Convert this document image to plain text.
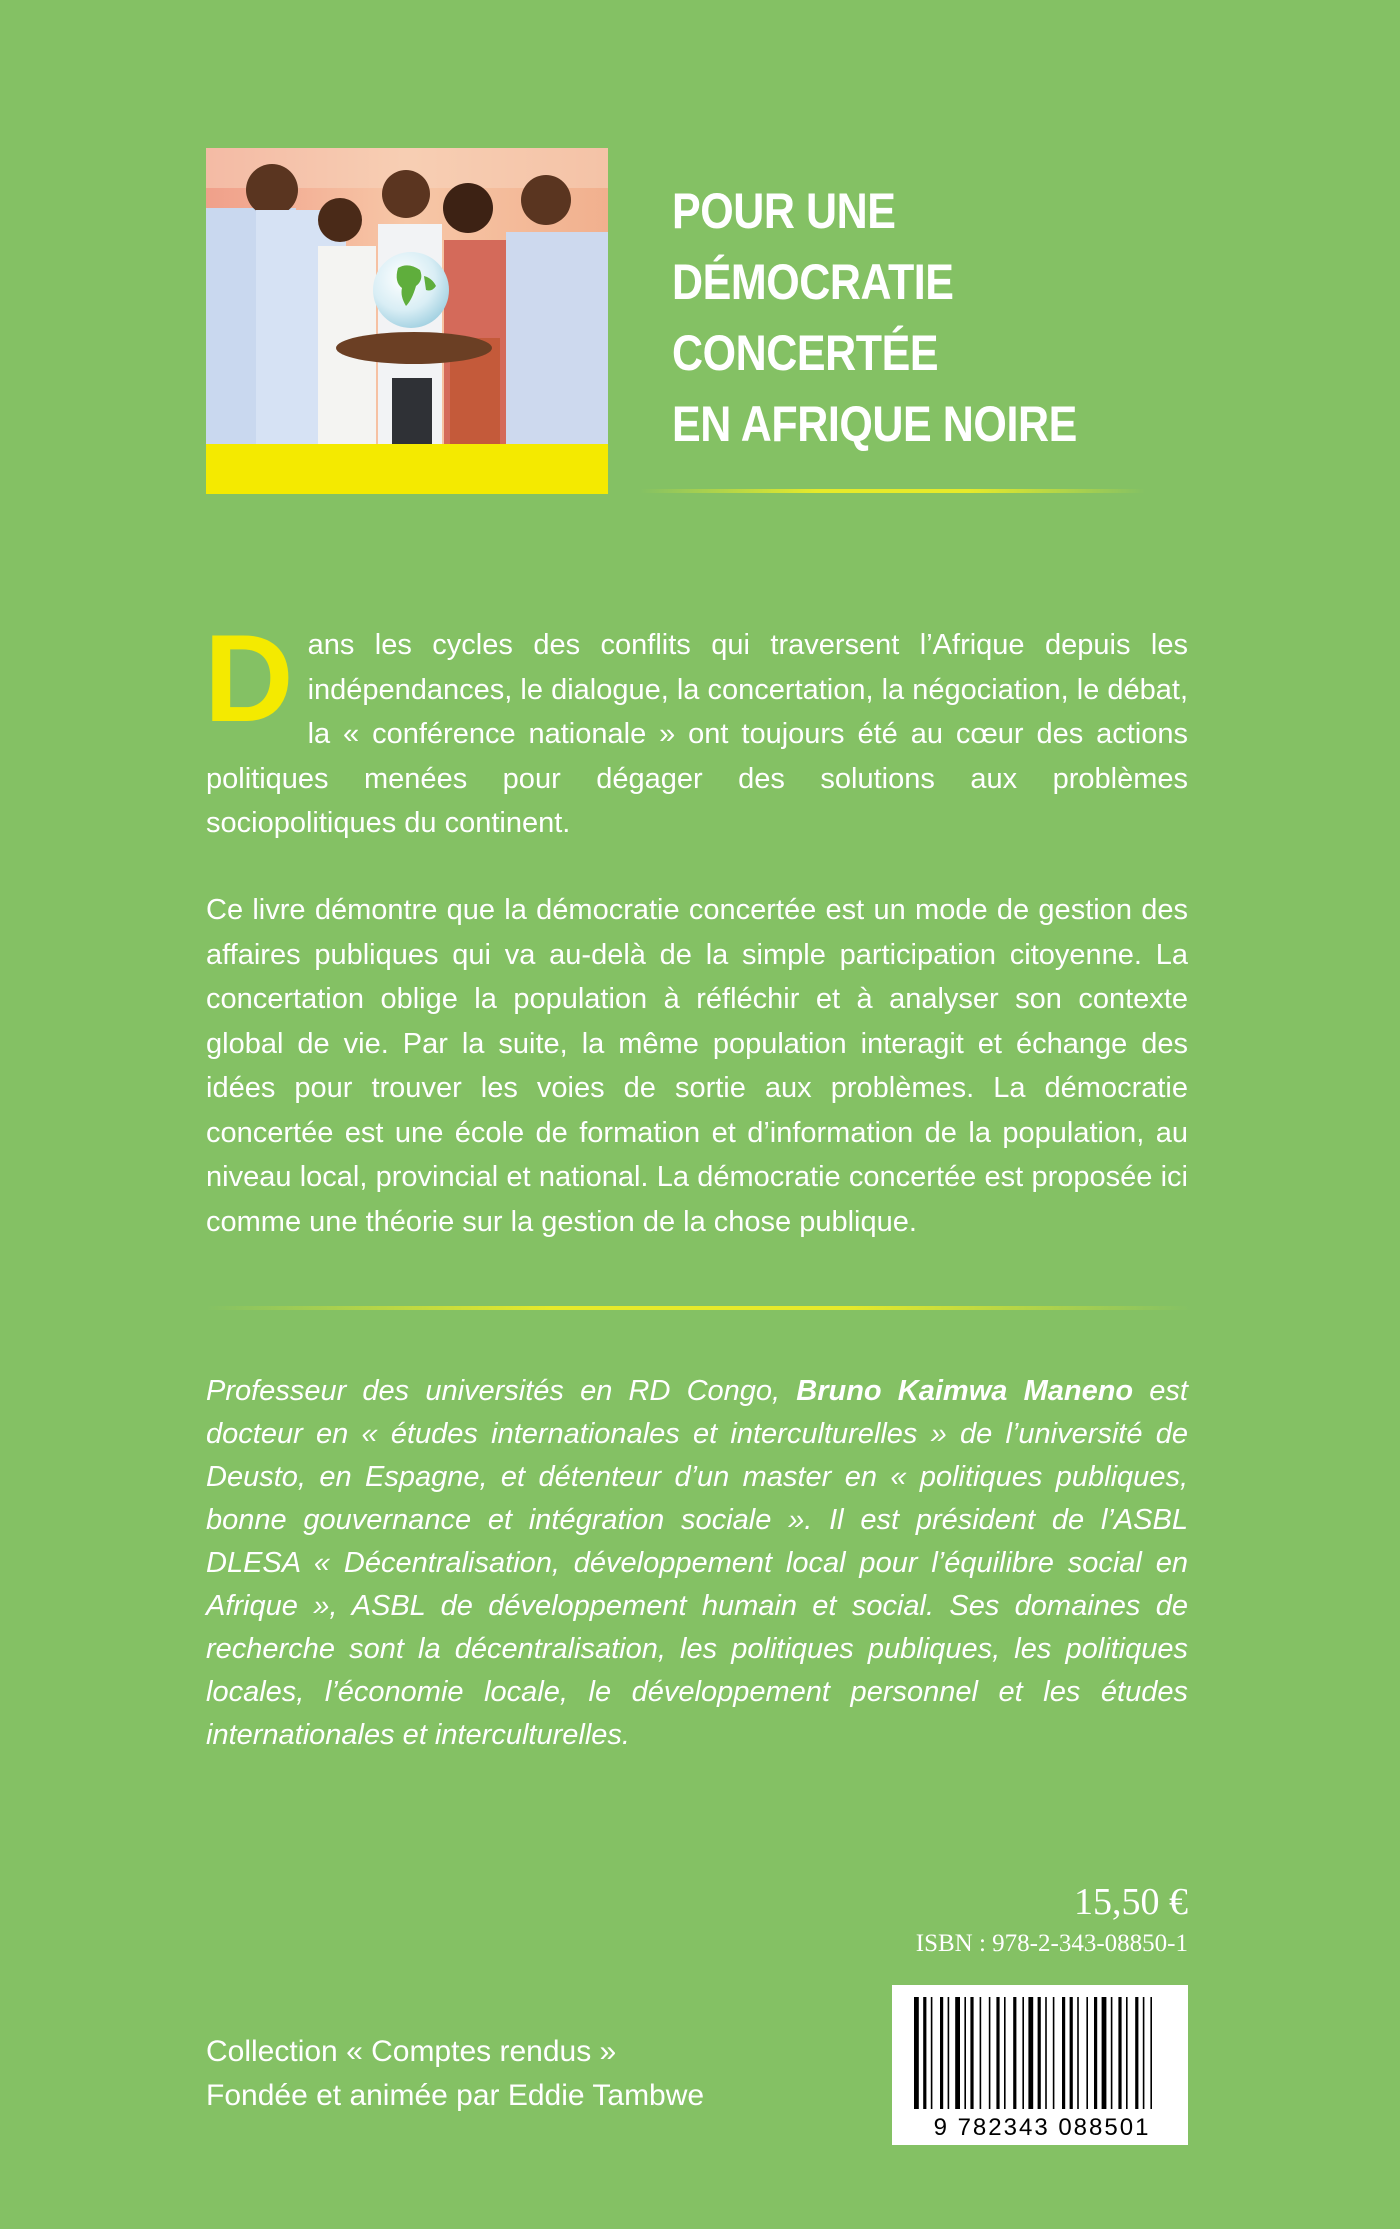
POUR UNE
DÉMOCRATIE
CONCERTÉE
EN AFRIQUE NOIRE
Dans les cycles des conflits qui traversent l’Afrique depuis les indépendances, le dialogue, la concertation, la négociation, le débat, la « conférence nationale » ont toujours été au cœur des actions politiques menées pour dégager des solutions aux problèmes sociopolitiques du continent.
Ce livre démontre que la démocratie concertée est un mode de gestion des affaires publiques qui va au-delà de la simple participation citoyenne. La concertation oblige la population à réfléchir et à analyser son contexte global de vie. Par la suite, la même population interagit et échange des idées pour trouver les voies de sortie aux problèmes. La démocratie concertée est une école de formation et d’information de la population, au niveau local, provincial et national. La démocratie concertée est proposée ici comme une théorie sur la gestion de la chose publique.
Professeur des universités en RD Congo, Bruno Kaimwa Maneno est docteur en « études internationales et interculturelles » de l’université de Deusto, en Espagne, et détenteur d’un master en « politiques publiques, bonne gouvernance et intégration sociale ». Il est président de l’ASBL DLESA « Décentralisation, développement local pour l’équilibre social en Afrique », ASBL de développement humain et social. Ses domaines de recherche sont la décentralisation, les politiques publiques, les politiques locales, l’économie locale, le développement personnel et les études internationales et interculturelles.
15,50 €
ISBN : 978-2-343-08850-1
9 782343 088501
Collection « Comptes rendus »
Fondée et animée par Eddie Tambwe
